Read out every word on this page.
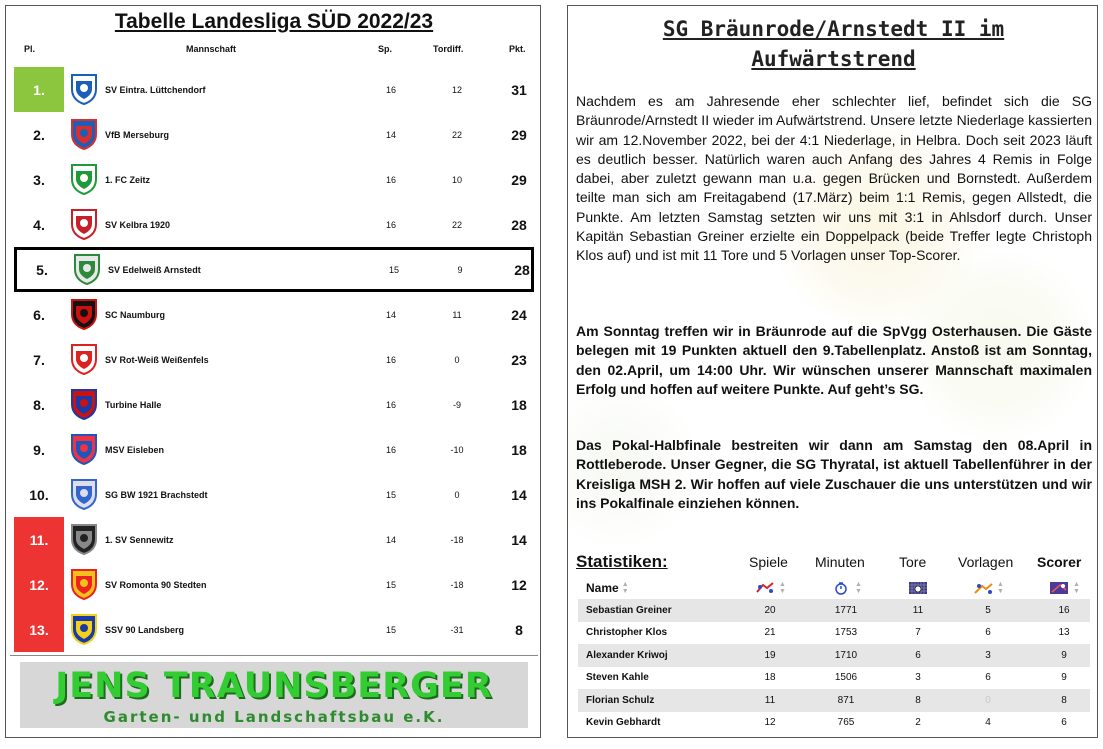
Tabelle Landesliga SÜD 2022/23
Pl.	Mannschaft	Sp.	Tordiff.	Pkt.
1.	SV Eintra. Lüttchendorf	16	12	31
2.	VfB Merseburg	14	22	29
3.	1. FC Zeitz	16	10	29
4.	SV Kelbra 1920	16	22	28
5.	SV Edelweiß Arnstedt	15	9	28
6.	SC Naumburg	14	11	24
7.	SV Rot-Weiß Weißenfels	16	0	23
8.	Turbine Halle	16	-9	18
9.	MSV Eisleben	16	-10	18
10.	SG BW 1921 Brachstedt	15	0	14
11.	1. SV Sennewitz	14	-18	14
12.	SV Romonta 90 Stedten	15	-18	12
13.	SSV 90 Landsberg	15	-31	8
JENS TRAUNSBERGER
Garten- und Landschaftsbau e.K.
SG Bräunrode/Arnstedt II im Aufwärtstrend
Nachdem es am Jahresende eher schlechter lief, befindet sich die SG Bräunrode/Arnstedt II wieder im Aufwärtstrend. Unsere letzte Niederlage kassierten wir am 12.November 2022, bei der 4:1 Niederlage, in Helbra. Doch seit 2023 läuft es deutlich besser. Natürlich waren auch Anfang des Jahres 4 Remis in Folge dabei, aber zuletzt gewann man u.a. gegen Brücken und Bornstedt. Außerdem teilte man sich am Freitagabend (17.März) beim 1:1 Remis, gegen Allstedt, die Punkte. Am letzten Samstag setzten wir uns mit 3:1 in Ahlsdorf durch. Unser Kapitän Sebastian Greiner erzielte ein Doppelpack (beide Treffer legte Christoph Klos auf) und ist mit 11 Tore und 5 Vorlagen unser Top-Scorer.
Am Sonntag treffen wir in Bräunrode auf die SpVgg Osterhausen. Die Gäste belegen mit 19 Punkten aktuell den 9.Tabellenplatz. Anstoß ist am Sonntag, den 02.April, um 14:00 Uhr. Wir wünschen unserer Mannschaft maximalen Erfolg und hoffen auf weitere Punkte. Auf geht’s SG.
Das Pokal-Halbfinale bestreiten wir dann am Samstag den 08.April in Rottleberode. Unser Gegner, die SG Thyratal, ist aktuell Tabellenführer in der Kreisliga MSH 2. Wir hoffen auf viele Zuschauer die uns unterstützen und wir ins Pokalfinale einziehen können.
Statistiken:	Spiele Minuten Tore Vorlagen Scorer
Name ▲
▼
▲
▼
▲
▼
▲
▼
▲
▼
Sebastian Greiner	20	1771	11	5	16
Christopher Klos	21	1753	7	6	13
Alexander Kriwoj	19	1710	6	3	9
Steven Kahle	18	1506	3	6	9
Florian Schulz	11	871	8	0	8
Kevin Gebhardt	12	765	2	4	6
